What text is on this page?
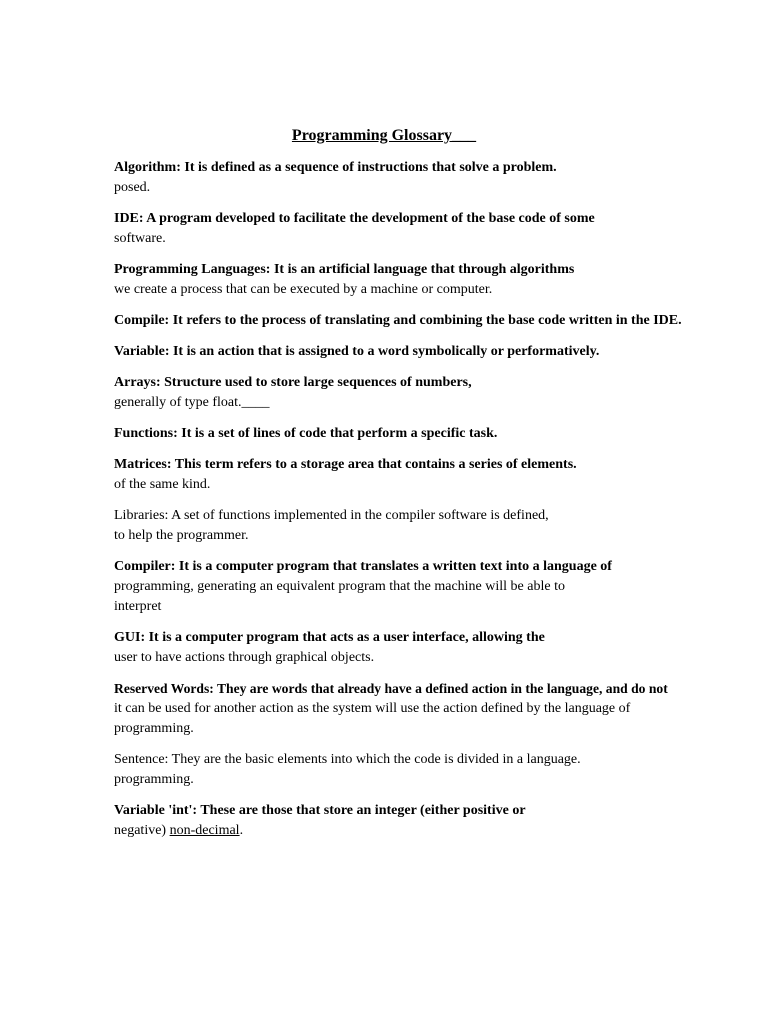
Programming Glossary___
Algorithm: It is defined as a sequence of instructions that solve a problem.
posed.
IDE: A program developed to facilitate the development of the base code of some
software.
Programming Languages: It is an artificial language that through algorithms
we create a process that can be executed by a machine or computer.
Compile: It refers to the process of translating and combining the base code written in the IDE.
Variable: It is an action that is assigned to a word symbolically or performatively.
Arrays: Structure used to store large sequences of numbers,
generally of type float.____
Functions: It is a set of lines of code that perform a specific task.
Matrices: This term refers to a storage area that contains a series of elements.
of the same kind.
Libraries: A set of functions implemented in the compiler software is defined,
to help the programmer.
Compiler: It is a computer program that translates a written text into a language of
programming, generating an equivalent program that the machine will be able to
interpret
GUI: It is a computer program that acts as a user interface, allowing the
user to have actions through graphical objects.
Reserved Words: They are words that already have a defined action in the language, and do not
it can be used for another action as the system will use the action defined by the language of
programming.
Sentence: They are the basic elements into which the code is divided in a language.
programming.
Variable 'int': These are those that store an integer (either positive or
negative) non-decimal.
